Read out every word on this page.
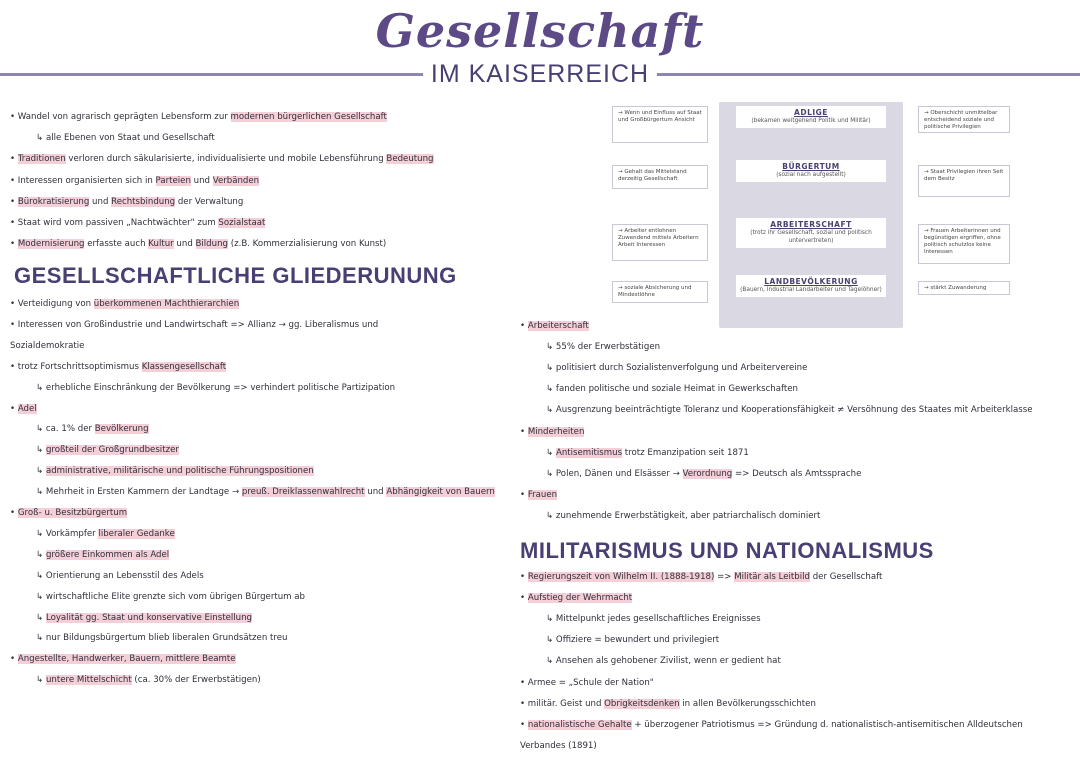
Gesellschaft
IM KAISERREICH
• Wandel von agrarisch geprägten Lebensform zur modernen bürgerlichen Gesellschaft
↳ alle Ebenen von Staat und Gesellschaft
• Traditionen verloren durch säkularisierte, individualisierte und mobile Lebensführung Bedeutung
• Interessen organisierten sich in Parteien und Verbänden
• Bürokratisierung und Rechtsbindung der Verwaltung
• Staat wird vom passiven „Nachtwächter" zum Sozialstaat
• Modernisierung erfasste auch Kultur und Bildung (z.B. Kommerzialisierung von Kunst)
GESELLSCHAFTLICHE GLIEDERUNUNG
• Verteidigung von überkommenen Machthierarchien
• Interessen von Großindustrie und Landwirtschaft => Allianz → gg. Liberalismus und
Sozialdemokratie
• trotz Fortschrittsoptimismus Klassengesellschaft
↳ erhebliche Einschränkung der Bevölkerung => verhindert politische Partizipation
• Adel
↳ ca. 1% der Bevölkerung
↳ großteil der Großgrundbesitzer
↳ administrative, militärische und politische Führungspositionen
↳ Mehrheit in Ersten Kammern der Landtage → preuß. Dreiklassenwahlrecht und Abhängigkeit von Bauern
• Groß- u. Besitzbürgertum
↳ Vorkämpfer liberaler Gedanke
↳ größere Einkommen als Adel
↳ Orientierung an Lebensstil des Adels
↳ wirtschaftliche Elite grenzte sich vom übrigen Bürgertum ab
↳ Loyalität gg. Staat und konservative Einstellung
↳ nur Bildungsbürgertum blieb liberalen Grundsätzen treu
• Angestellte, Handwerker, Bauern, mittlere Beamte
↳ untere Mittelschicht (ca. 30% der Erwerbstätigen)
• Arbeiterschaft
↳ 55% der Erwerbstätigen
↳ politisiert durch Sozialistenverfolgung und Arbeitervereine
↳ fanden politische und soziale Heimat in Gewerkschaften
↳ Ausgrenzung beeinträchtigte Toleranz und Kooperationsfähigkeit ≠ Versöhnung des Staates mit Arbeiterklasse
• Minderheiten
↳ Antisemitismus trotz Emanzipation seit 1871
↳ Polen, Dänen und Elsässer → Verordnung => Deutsch als Amtssprache
• Frauen
↳ zunehmende Erwerbstätigkeit, aber patriarchalisch dominiert
MILITARISMUS UND NATIONALISMUS
• Regierungszeit von Wilhelm II. (1888-1918) => Militär als Leitbild der Gesellschaft
• Aufstieg der Wehrmacht
↳ Mittelpunkt jedes gesellschaftliches Ereignisses
↳ Offiziere = bewundert und privilegiert
↳ Ansehen als gehobener Zivilist, wenn er gedient hat
• Armee = „Schule der Nation"
• militär. Geist und Obrigkeitsdenken in allen Bevölkerungsschichten
• nationalistische Gehalte + überzogener Patriotismus => Gründung d. nationalistisch-antisemitischen Alldeutschen
Verbandes (1891)
→ Wenn und Einfluss auf Staat und Großbürgertum Ansicht
→ Gehalt das Mittelstand derzeitig Gesellschaft
→ Arbeiter entlohnen Zuwendend mittels Arbeitern Arbeit Interessen
→ soziale Absicherung und Mindestlöhne
→ Oberschicht unmittelbar entscheidend soziale und politische Privilegien
→ Staat Privilegien ihren Seit dem Besitz
→ Frauen Arbeiterinnen und begünstigen ergriffen, ohne politisch schutzlos keine Interessen
→ stärkt Zuwanderung
ADLIGE
(bekamen weitgehend Politik und Militär)
BÜRGERTUM
(sozial nach aufgestellt)
ARBEITERSCHAFT
(trotz ihr Gesellschaft, sozial und politisch untervertreten)
LANDBEVÖLKERUNG
(Bauern, Industrial Landarbeiter und Tagelöhner)
